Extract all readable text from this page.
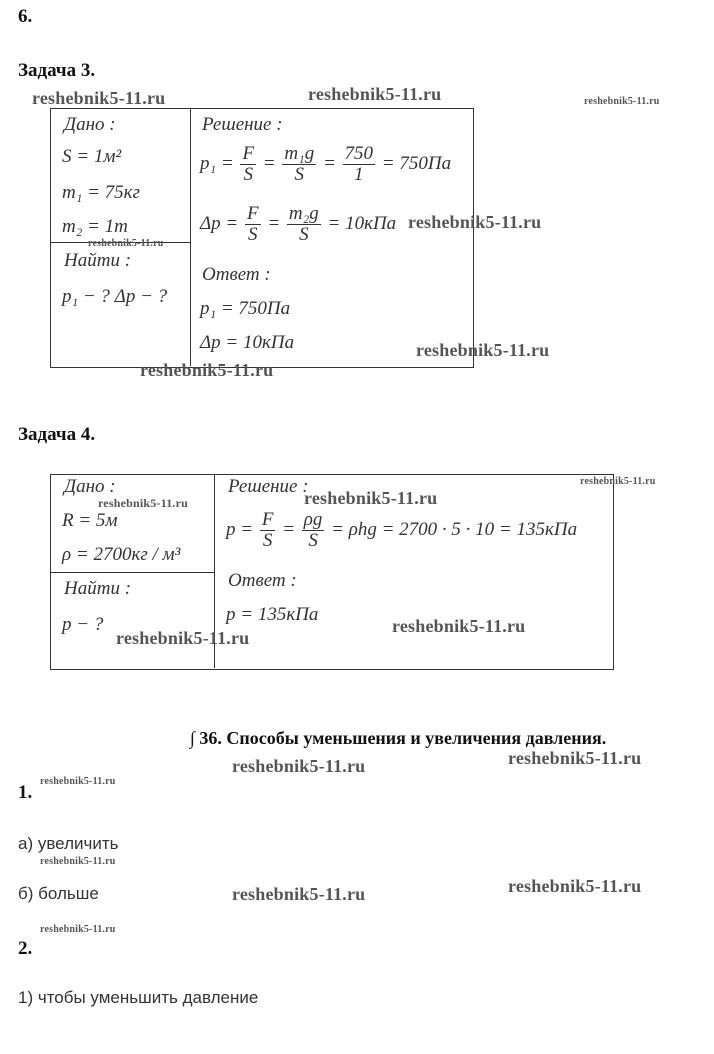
6.
Задача 3.
Дано :
S = 1м²
m₁ = 75кг
m₂ = 1т
Найти :
p₁ − ? Δp − ?
Решение :
$p_1 = \frac{F}{S} = \frac{\text{m₁g}}{S} = \frac{750}{1} = 750Па$
$\Delta p = \frac{F}{S} = \frac{\text{m₂g}}{S} = 10кПа$
Ответ :
p₁ = 750Па
Δp = 10кПа
Задача 4.
Дано :
R = 5м
ρ = 2700кг / м³
Найти :
p − ?
Решение :
$p = \frac{F}{S} = \frac{\rho g}{S} = \rho hg = 2700 \cdot 5 \cdot 10 = 135кПа$
Ответ :
p = 135кПа
∫ 36. Способы уменьшения и увеличения давления.
1.
а) увеличить
б) больше
2.
1) чтобы уменьшить давление
reshebnik5-11.ru	reshebnik5-11.ru	reshebnik5-11.ru
reshebnik5-11.ru
reshebnik5-11.ru
reshebnik5-11.ru
reshebnik5-11.ru
reshebnik5-11.ru
reshebnik5-11.ru
reshebnik5-11.ru
reshebnik5-11.ru
reshebnik5-11.ru
reshebnik5-11.ru
reshebnik5-11.ru
reshebnik5-11.ru
reshebnik5-11.ru
reshebnik5-11.ru
reshebnik5-11.ru
reshebnik5-11.ru
